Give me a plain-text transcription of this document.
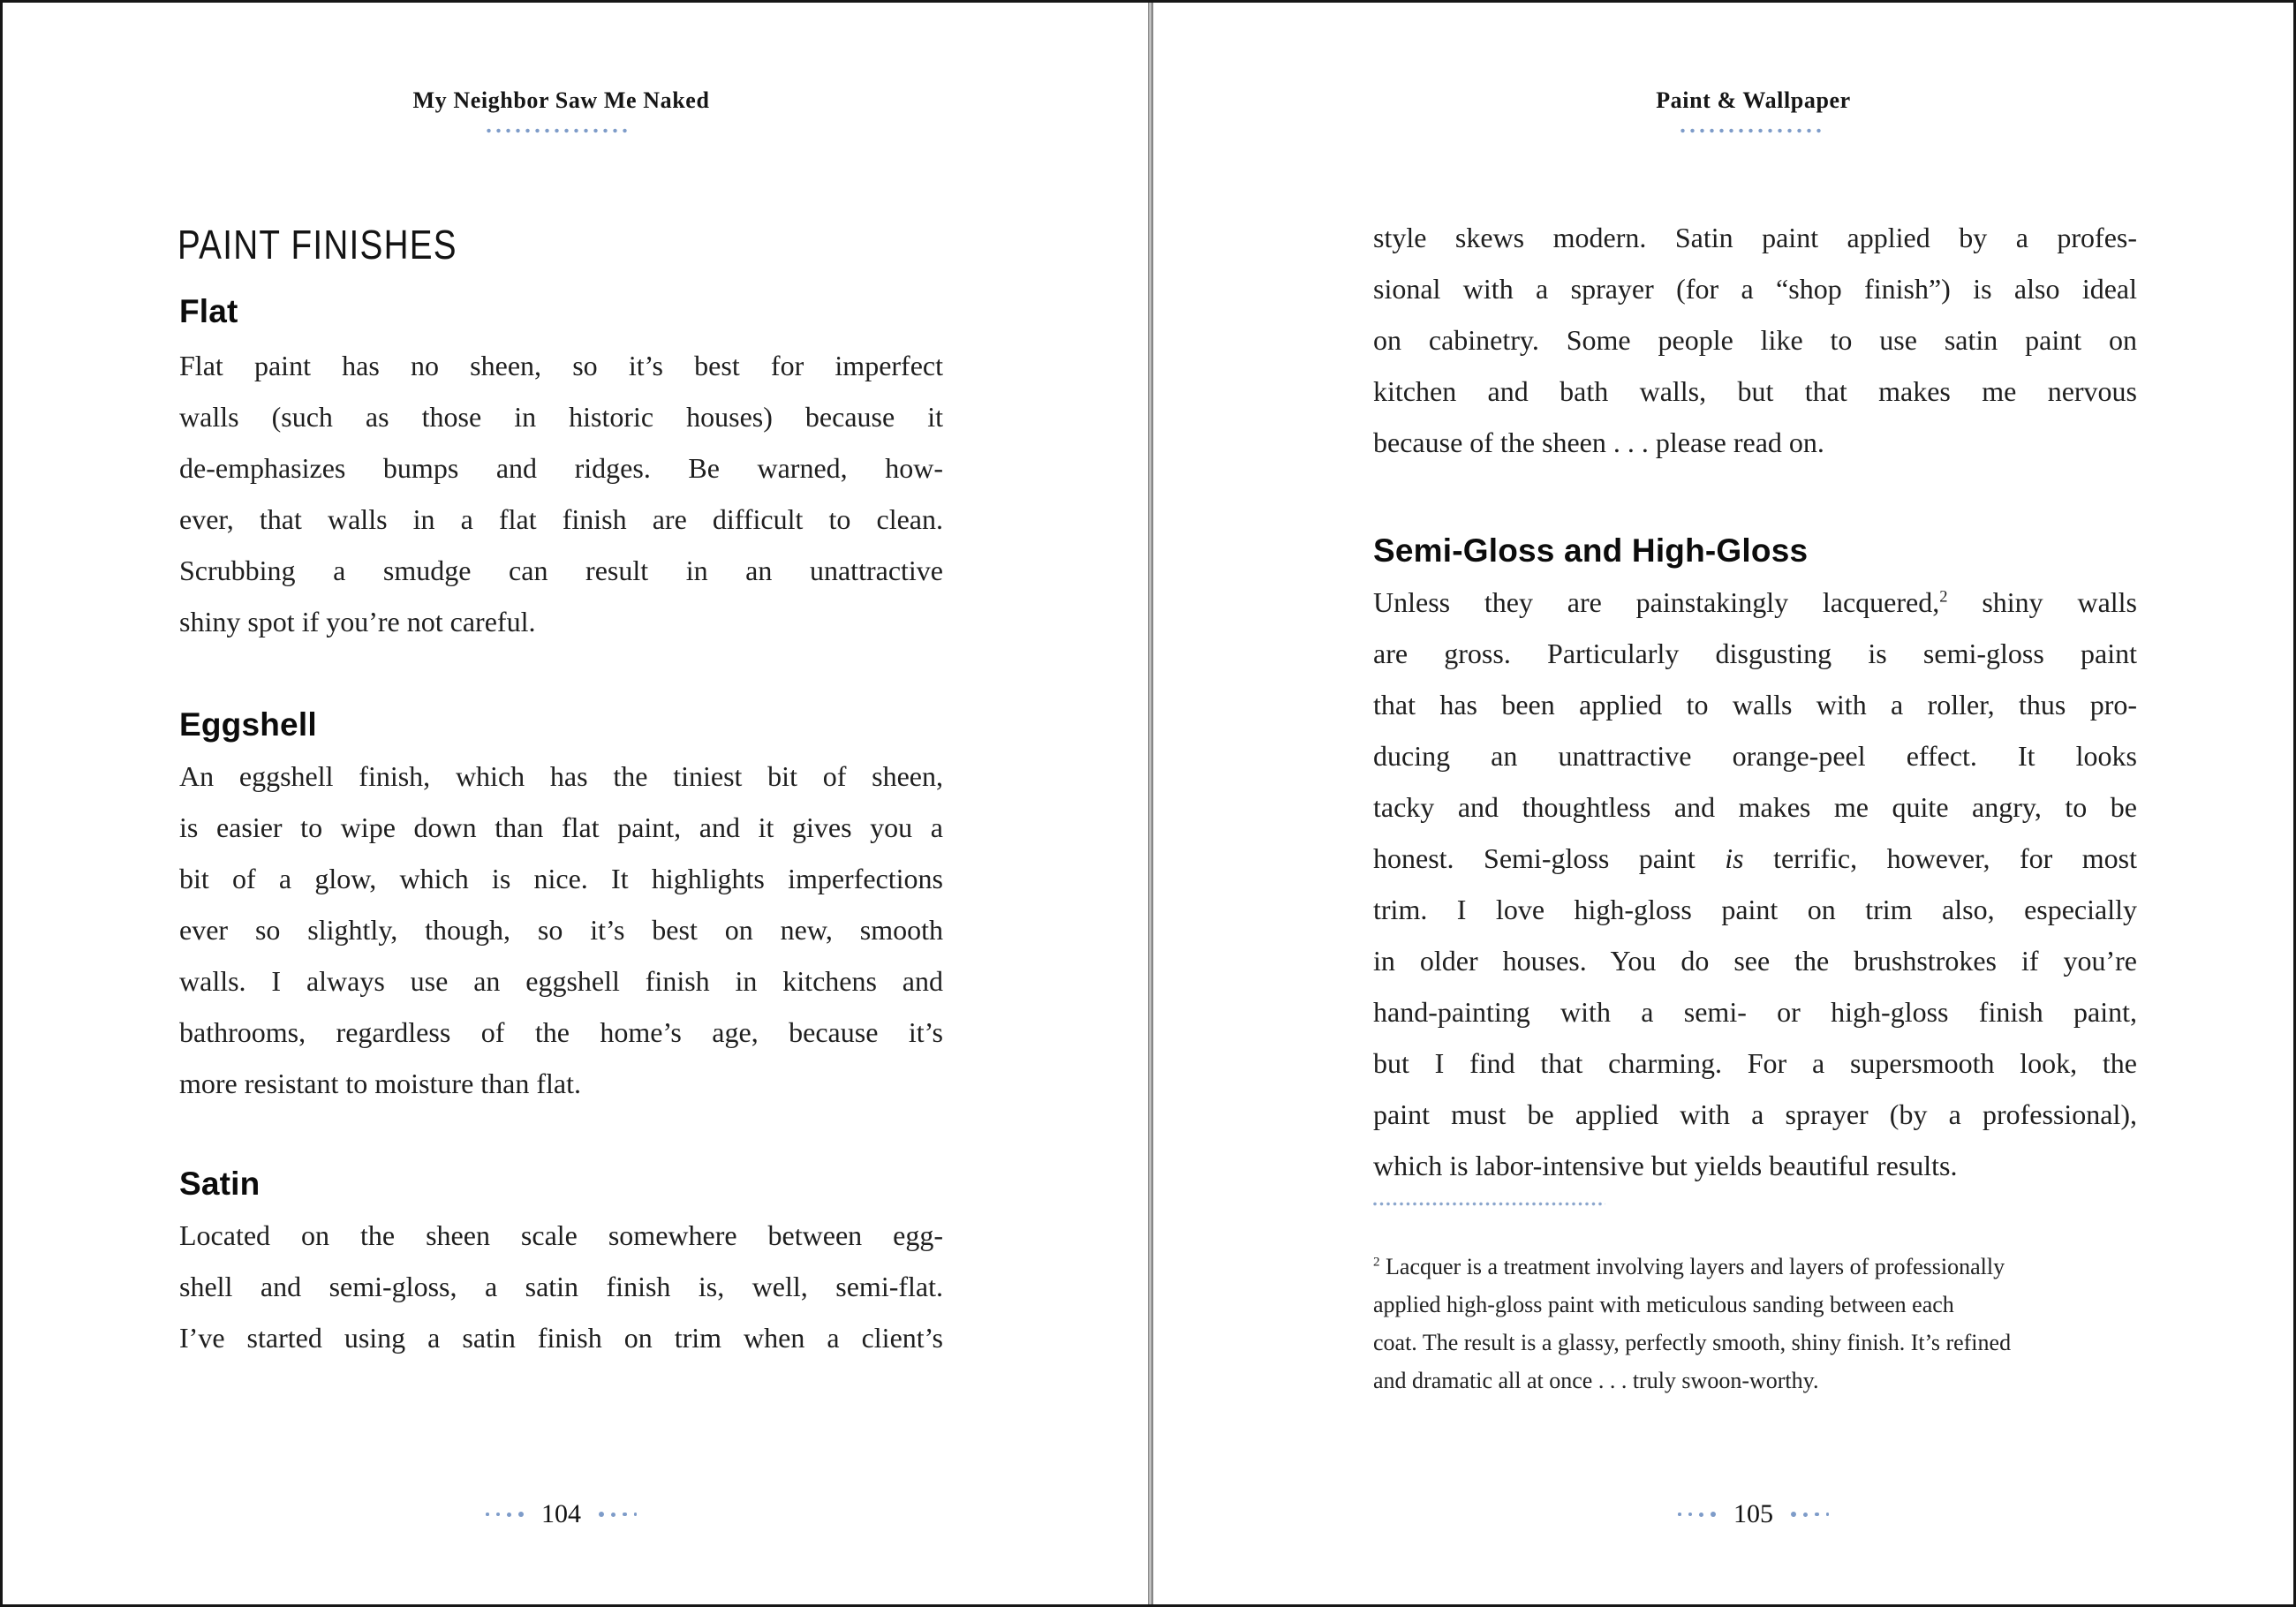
My Neighbor Saw Me Naked
PAINT FINISHES
Flat
Flat paint has no sheen, so it’s best for imperfect
walls (such as those in historic houses) because it
de-emphasizes bumps and ridges. Be warned, how-
ever, that walls in a flat finish are difficult to clean.
Scrubbing a smudge can result in an unattractive
shiny spot if you’re not careful.
Eggshell
An eggshell finish, which has the tiniest bit of sheen,
is easier to wipe down than flat paint, and it gives you a
bit of a glow, which is nice. It highlights imperfections
ever so slightly, though, so it’s best on new, smooth
walls. I always use an eggshell finish in kitchens and
bathrooms, regardless of the home’s age, because it’s
more resistant to moisture than flat.
Satin
Located on the sheen scale somewhere between egg-
shell and semi-gloss, a satin finish is, well, semi-flat.
I’ve started using a satin finish on trim when a client’s
104
Paint & Wallpaper
style skews modern. Satin paint applied by a profes-
sional with a sprayer (for a “shop finish”) is also ideal
on cabinetry. Some people like to use satin paint on
kitchen and bath walls, but that makes me nervous
because of the sheen . . . please read on.
Semi-Gloss and High-Gloss
Unless they are painstakingly lacquered,$^2$ shiny walls
are gross. Particularly disgusting is semi-gloss paint
that has been applied to walls with a roller, thus pro-
ducing an unattractive orange-peel effect. It looks
tacky and thoughtless and makes me quite angry, to be
honest. Semi-gloss paint is terrific, however, for most
trim. I love high-gloss paint on trim also, especially
in older houses. You do see the brushstrokes if you’re
hand-painting with a semi- or high-gloss finish paint,
but I find that charming. For a supersmooth look, the
paint must be applied with a sprayer (by a professional),
which is labor-intensive but yields beautiful results.
$^2$ Lacquer is a treatment involving layers and layers of professionally
applied high-gloss paint with meticulous sanding between each
coat. The result is a glassy, perfectly smooth, shiny finish. It’s refined
and dramatic all at once . . . truly swoon-worthy.
105
